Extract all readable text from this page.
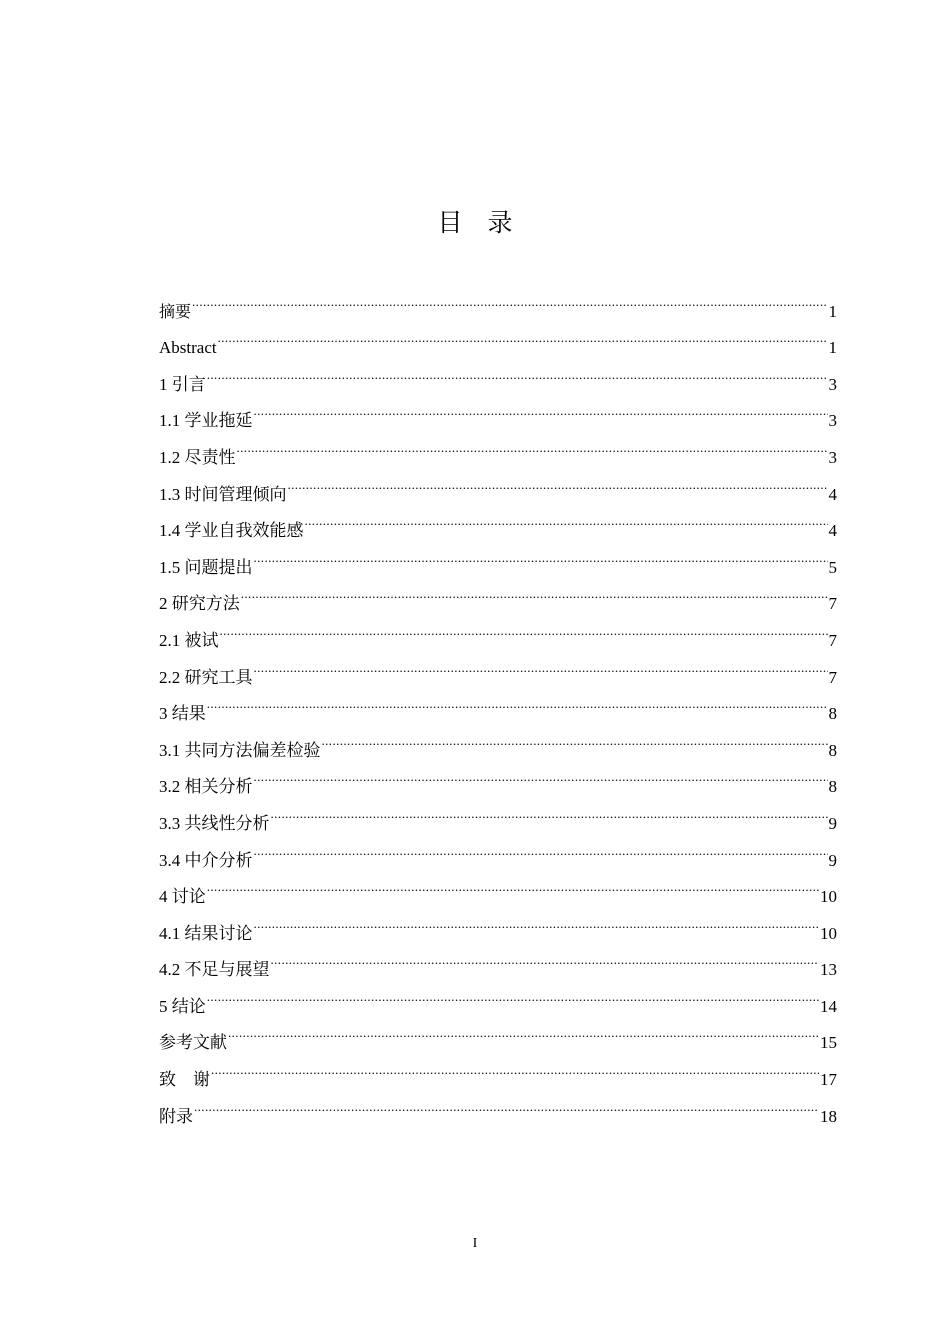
目　录
摘要 .....	1
Abstract .....	1
1 引言 .....	3
1.1 学业拖延 .....	3
1.2 尽责性 .....	3
1.3 时间管理倾向 .....	4
1.4 学业自我效能感 .....	4
1.5 问题提出 .....	5
2 研究方法 .....	7
2.1 被试 .....	7
2.2 研究工具 .....	7
3 结果 .....	8
3.1 共同方法偏差检验 .....	8
3.2 相关分析 .....	8
3.3 共线性分析 .....	9
3.4 中介分析 .....	9
4 讨论 .....	10
4.1 结果讨论 .....	10
4.2 不足与展望 .....	13
5 结论 .....	14
参考文献 .....	15
致　谢 .....	17
附录 .....	18
I
